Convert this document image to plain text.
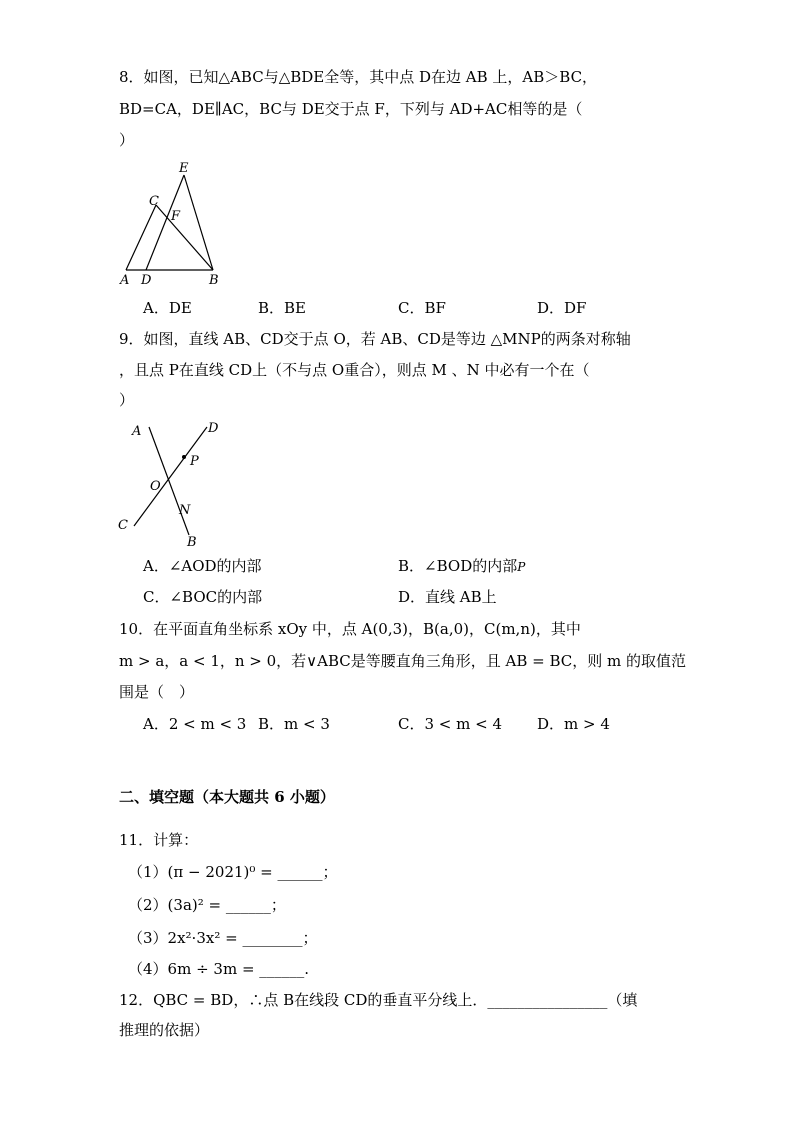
8．如图，已知△ABC与△BDE全等，其中点 D在边 AB 上，AB＞BC，
BD=CA，DE∥AC，BC与 DE交于点 F，下列与 AD+AC相等的是（
）
A D	B
C
F
E
A．DE	B．BE	C．BF	D．DF
9．如图，直线 AB、CD交于点 O，若 AB、CD是等边 △MNP的两条对称轴
，且点 P在直线 CD上（不与点 O重合），则点 M 、N 中必有一个在（
）
A	D
P
O
N
C
B
A．∠AOD的内部	B．∠BOD的内部P
C．∠BOC的内部	D．直线 AB上
10．在平面直角坐标系 xOy 中，点 A(0,3)，B(a,0)，C(m,n)，其中
m > a，a < 1，n > 0，若∨ABC是等腰直角三角形，且 AB = BC，则 m 的取值范
围是（　）
A．2 < m < 3 B．m < 3	C．3 < m < 4 D．m > 4
二、填空题（本大题共 6 小题）
11．计算：
（1）(π − 2021)⁰ = ______；
（2）(3a)² = ______；
（3）2x²·3x² = ________；
（4）6m ÷ 3m = ______.
12．QBC = BD，∴点 B在线段 CD的垂直平分线上．________________（填
推理的依据）
